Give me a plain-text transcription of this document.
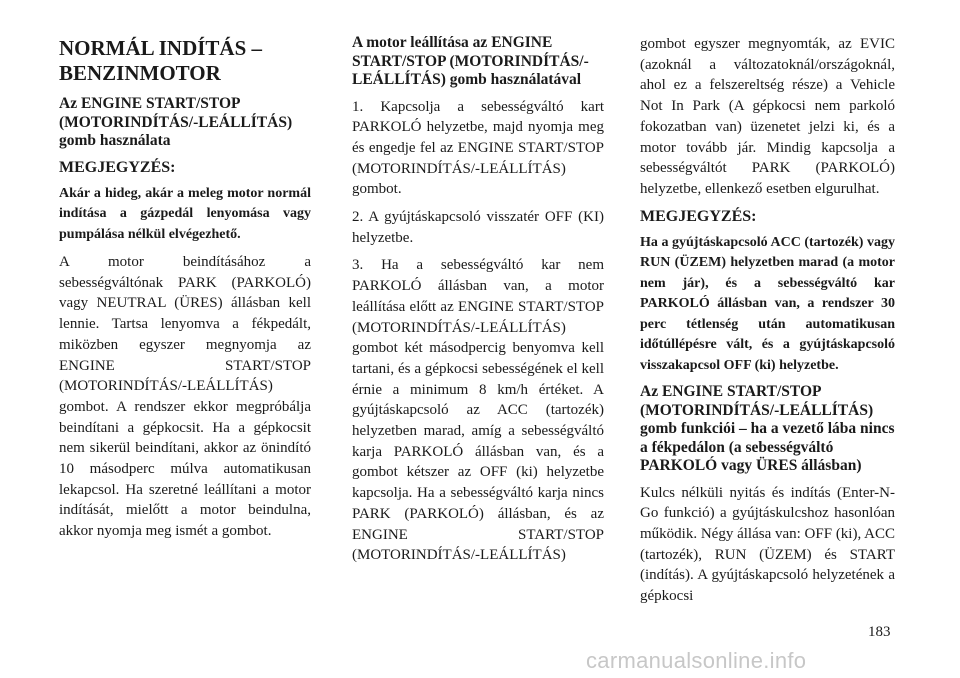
NORMÁL INDÍTÁS – BENZINMOTOR
Az ENGINE START/STOP (MOTORINDÍTÁS/-LEÁLLÍTÁS) gomb használata
MEGJEGYZÉS:
Akár a hideg, akár a meleg motor normál indítása a gázpedál lenyomása vagy pumpálása nélkül elvégezhető.
A motor beindításához a sebességváltónak PARK (PARKOLÓ) vagy NEUTRAL (ÜRES) állásban kell lennie. Tartsa lenyomva a fékpedált, miközben egyszer megnyomja az ENGINE START/STOP (MOTORINDÍTÁS/-LEÁLLÍTÁS) gombot. A rendszer ekkor megpróbálja beindítani a gépkocsit. Ha a gépkocsit nem sikerül beindítani, akkor az önindító 10 másodperc múlva automatikusan lekapcsol. Ha szeretné leállítani a motor indítását, mielőtt a motor beindulna, akkor nyomja meg ismét a gombot.
A motor leállítása az ENGINE START/STOP (MOTORINDÍTÁS/-LEÁLLÍTÁS) gomb használatával
1. Kapcsolja a sebességváltó kart PARKOLÓ helyzetbe, majd nyomja meg és engedje fel az ENGINE START/STOP (MOTORINDÍTÁS/-LEÁLLÍTÁS) gombot.
2. A gyújtáskapcsoló visszatér OFF (KI) helyzetbe.
3. Ha a sebességváltó kar nem PARKOLÓ állásban van, a motor leállítása előtt az ENGINE START/STOP (MOTORINDÍTÁS/-LEÁLLÍTÁS) gombot két másodpercig benyomva kell tartani, és a gépkocsi sebességének el kell érnie a minimum 8 km/h értéket. A gyújtáskapcsoló az ACC (tartozék) helyzetben marad, amíg a sebességváltó karja PARKOLÓ állásban van, és a gombot kétszer az OFF (ki) helyzetbe kapcsolja. Ha a sebességváltó karja nincs PARK (PARKOLÓ) állásban, és az ENGINE START/STOP (MOTORINDÍTÁS/-LEÁLLÍTÁS)
gombot egyszer megnyomták, az EVIC (azoknál a változatoknál/országoknál, ahol ez a felszereltség része) a Vehicle Not In Park (A gépkocsi nem parkoló fokozatban van) üzenetet jelzi ki, és a motor tovább jár. Mindig kapcsolja a sebességváltót PARK (PARKOLÓ) helyzetbe, ellenkező esetben elgurulhat.
MEGJEGYZÉS:
Ha a gyújtáskapcsoló ACC (tartozék) vagy RUN (ÜZEM) helyzetben marad (a motor nem jár), és a sebességváltó kar PARKOLÓ állásban van, a rendszer 30 perc tétlenség után automatikusan időtúllépésre vált, és a gyújtáskapcsoló visszakapcsol OFF (ki) helyzetbe.
Az ENGINE START/STOP (MOTORINDÍTÁS/-LEÁLLÍTÁS) gomb funkciói – ha a vezető lába nincs a fékpedálon (a sebességváltó PARKOLÓ vagy ÜRES állásban)
Kulcs nélküli nyitás és indítás (Enter-N-Go funkció) a gyújtáskulcshoz hasonlóan működik. Négy állása van: OFF (ki), ACC (tartozék), RUN (ÜZEM) és START (indítás). A gyújtáskapcsoló helyzetének a gépkocsi
183
carmanualsonline.info
